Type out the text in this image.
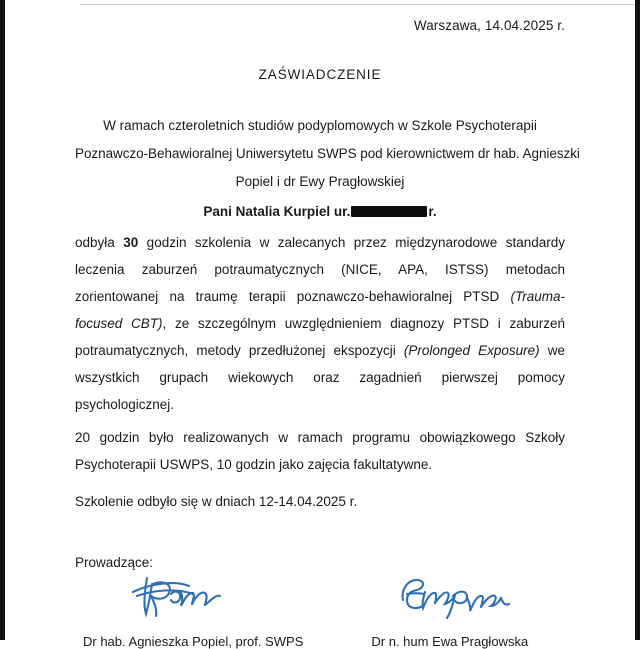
Warszawa, 14.04.2025 r.
ZAŚWIADCZENIE
W ramach czteroletnich studiów podyplomowych w Szkole Psychoterapii
Poznawczo-Behawioralnej Uniwersytetu SWPS pod kierownictwem dr hab. Agnieszki
Popiel i dr Ewy Pragłowskiej
Pani Natalia Kurpiel ur.	r.
odbyła 30 godzin szkolenia w zalecanych przez międzynarodowe standardy leczenia zaburzeń potraumatycznych (NICE, APA, ISTSS) metodach zorientowanej na traumę terapii poznawczo-behawioralnej PTSD (Trauma-focused CBT), ze szczególnym uwzględnieniem diagnozy PTSD i zaburzeń potraumatycznych, metody przedłużonej ekspozycji (Prolonged Exposure) we wszystkich grupach wiekowych oraz zagadnień pierwszej pomocy psychologicznej.
20 godzin było realizowanych w ramach programu obowiązkowego Szkoły Psychoterapii USWPS, 10 godzin jako zajęcia fakultatywne.
Szkolenie odbyło się w dniach 12-14.04.2025 r.
Prowadzące:
Dr hab. Agnieszka Popiel, prof. SWPS	Dr n. hum Ewa Pragłowska
